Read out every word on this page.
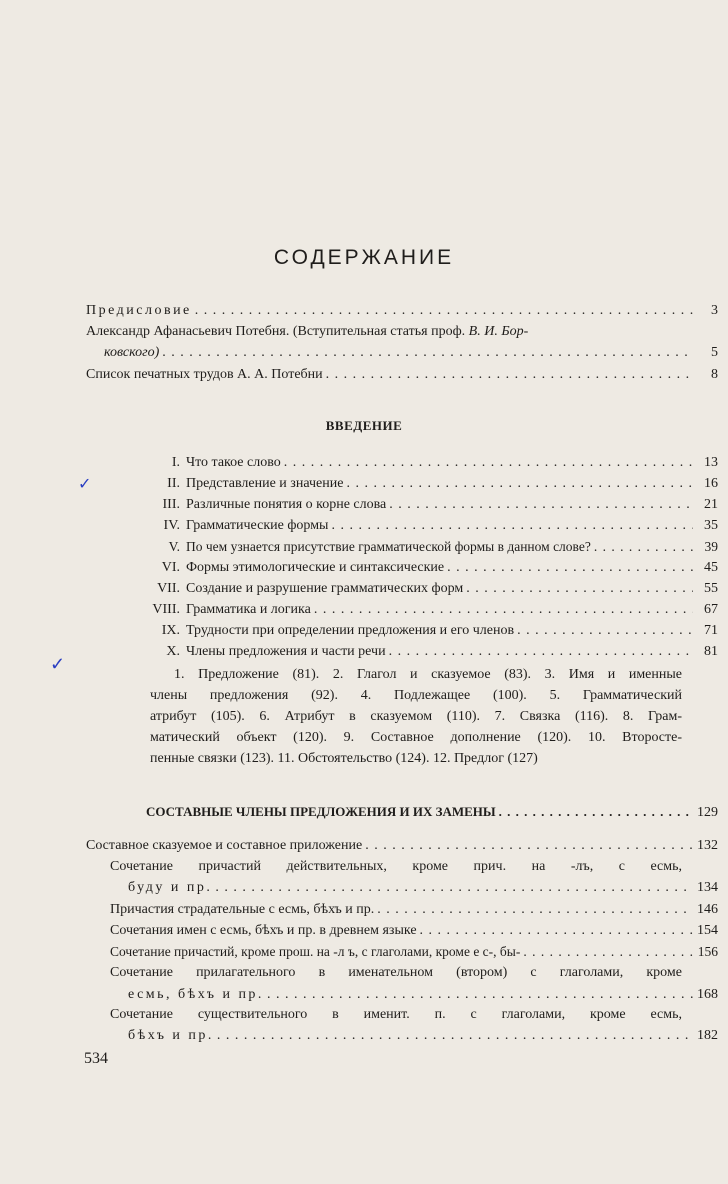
СОДЕРЖАНИЕ
Предисловие . . .	3
Александр Афанасьевич Потебня. (Вступительная статья проф. В. И. Бор-
ковского) . . .	5
Список печатных трудов А. А. Потебни . . .	8
ВВЕДЕНИЕ
✓
✓
I. Что такое слово . . .	13
II. Представление и значение . . .	16
III. Различные понятия о корне слова . . .	21
IV. Грамматические формы . . .	35
V. По чем узнается присутствие грамматической формы в данном слове? . . .	39
VI. Формы этимологические и синтаксические . . .	45
VII. Создание и разрушение грамматических форм . . .	55
VIII. Грамматика и логика . . .	67
IX. Трудности при определении предложения и его членов . . .	71
X. Члены предложения и части речи . . .	81
1. Предложение (81). 2. Глагол и сказуемое (83). 3. Имя и именные
члены предложения (92). 4. Подлежащее (100). 5. Грамматический
атрибут (105). 6. Атрибут в сказуемом (110). 7. Связка (116). 8. Грам-
матический объект (120). 9. Составное дополнение (120). 10. Второсте-
пенные связки (123). 11. Обстоятельство (124). 12. Предлог (127)
СОСТАВНЫЕ ЧЛЕНЫ ПРЕДЛОЖЕНИЯ И ИХ ЗАМЕНЫ . . .	129
Составное сказуемое и составное приложение . . .	132
Сочетание причастий действительных, кроме прич. на -лъ, с есмь,
буду и пр. . . .	134
Причастия страдательные с есмь, бѣхъ и пр. . . .	146
Сочетания имен с есмь, бѣхъ и пр. в древнем языке . . .	154
Сочетание причастий, кроме прош. на -л ъ, с глаголами, кроме е с-, бы- . . .	156
Сочетание прилагательного в именательном (втором) с глаголами, кроме
есмь, бѣхъ и пр. . . .	168
Сочетание существительного в именит. п. с глаголами, кроме есмь,
бѣхъ и пр. . . .	182
534
